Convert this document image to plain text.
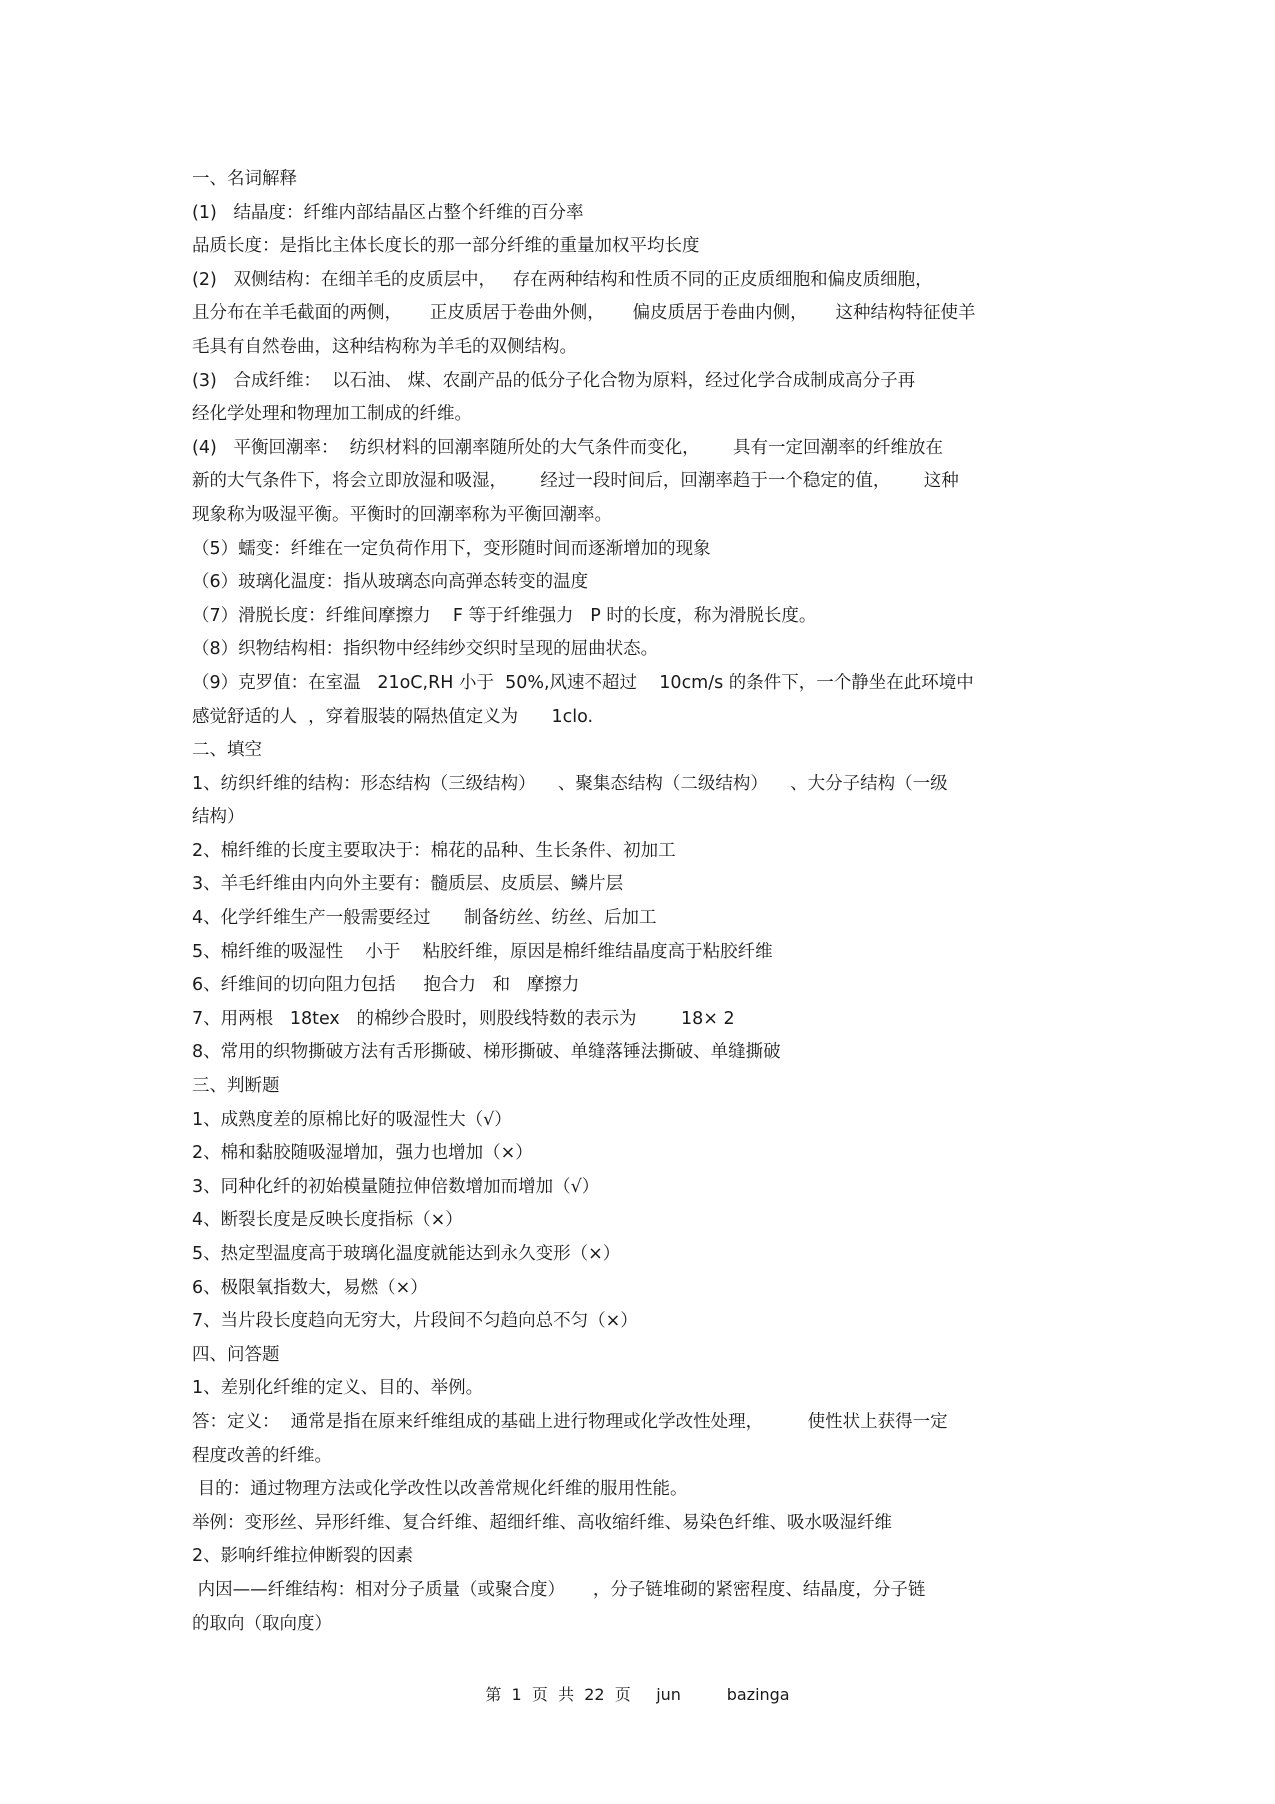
一、名词解释
(1)   结晶度：纤维内部结晶区占整个纤维的百分率
品质长度：是指比主体长度长的那一部分纤维的重量加权平均长度
(2)   双侧结构：在细羊毛的皮质层中，   存在两种结构和性质不同的正皮质细胞和偏皮质细胞，
且分布在羊毛截面的两侧，     正皮质居于卷曲外侧，     偏皮质居于卷曲内侧，     这种结构特征使羊
毛具有自然卷曲，这种结构称为羊毛的双侧结构。
(3)   合成纤维：  以石油、 煤、农副产品的低分子化合物为原料，经过化学合成制成高分子再
经化学处理和物理加工制成的纤维。
(4)   平衡回潮率：  纺织材料的回潮率随所处的大气条件而变化，      具有一定回潮率的纤维放在
新的大气条件下，将会立即放湿和吸湿，      经过一段时间后，回潮率趋于一个稳定的值，      这种
现象称为吸湿平衡。平衡时的回潮率称为平衡回潮率。
（5）蠕变：纤维在一定负荷作用下，变形随时间而逐渐增加的现象
（6）玻璃化温度：指从玻璃态向高弹态转变的温度
（7）滑脱长度：纤维间摩擦力    F 等于纤维强力   P 时的长度，称为滑脱长度。
（8）织物结构相：指织物中经纬纱交织时呈现的屈曲状态。
（9）克罗值：在室温   21oC,RH 小于  50%,风速不超过    10cm/s 的条件下，一个静坐在此环境中
感觉舒适的人  ，穿着服装的隔热值定义为      1clo.
二、填空
1、纺织纤维的结构：形态结构（三级结构）    、聚集态结构（二级结构）    、大分子结构（一级
结构）
2、棉纤维的长度主要取决于：棉花的品种、生长条件、初加工
3、羊毛纤维由内向外主要有：髓质层、皮质层、鳞片层
4、化学纤维生产一般需要经过      制备纺丝、纺丝、后加工
5、棉纤维的吸湿性    小于    粘胶纤维，原因是棉纤维结晶度高于粘胶纤维
6、纤维间的切向阻力包括     抱合力   和   摩擦力
7、用两根   18tex   的棉纱合股时，则股线特数的表示为        18× 2
8、常用的织物撕破方法有舌形撕破、梯形撕破、单缝落锤法撕破、单缝撕破
三、判断题
1、成熟度差的原棉比好的吸湿性大（√）
2、棉和黏胶随吸湿增加，强力也增加（×）
3、同种化纤的初始模量随拉伸倍数增加而增加（√）
4、断裂长度是反映长度指标（×）
5、热定型温度高于玻璃化温度就能达到永久变形（×）
6、极限氧指数大，易燃（×）
7、当片段长度趋向无穷大，片段间不匀趋向总不匀（×）
四、问答题
1、差别化纤维的定义、目的、举例。
答：定义：  通常是指在原来纤维组成的基础上进行物理或化学改性处理，        使性状上获得一定
程度改善的纤维。
目的：通过物理方法或化学改性以改善常规化纤维的服用性能。
举例：变形丝、异形纤维、复合纤维、超细纤维、高收缩纤维、易染色纤维、吸水吸湿纤维
2、影响纤维拉伸断裂的因素
内因——纤维结构：相对分子质量（或聚合度）     ，分子链堆砌的紧密程度、结晶度，分子链
的取向（取向度）
第  1  页  共  22  页     jun         bazinga
